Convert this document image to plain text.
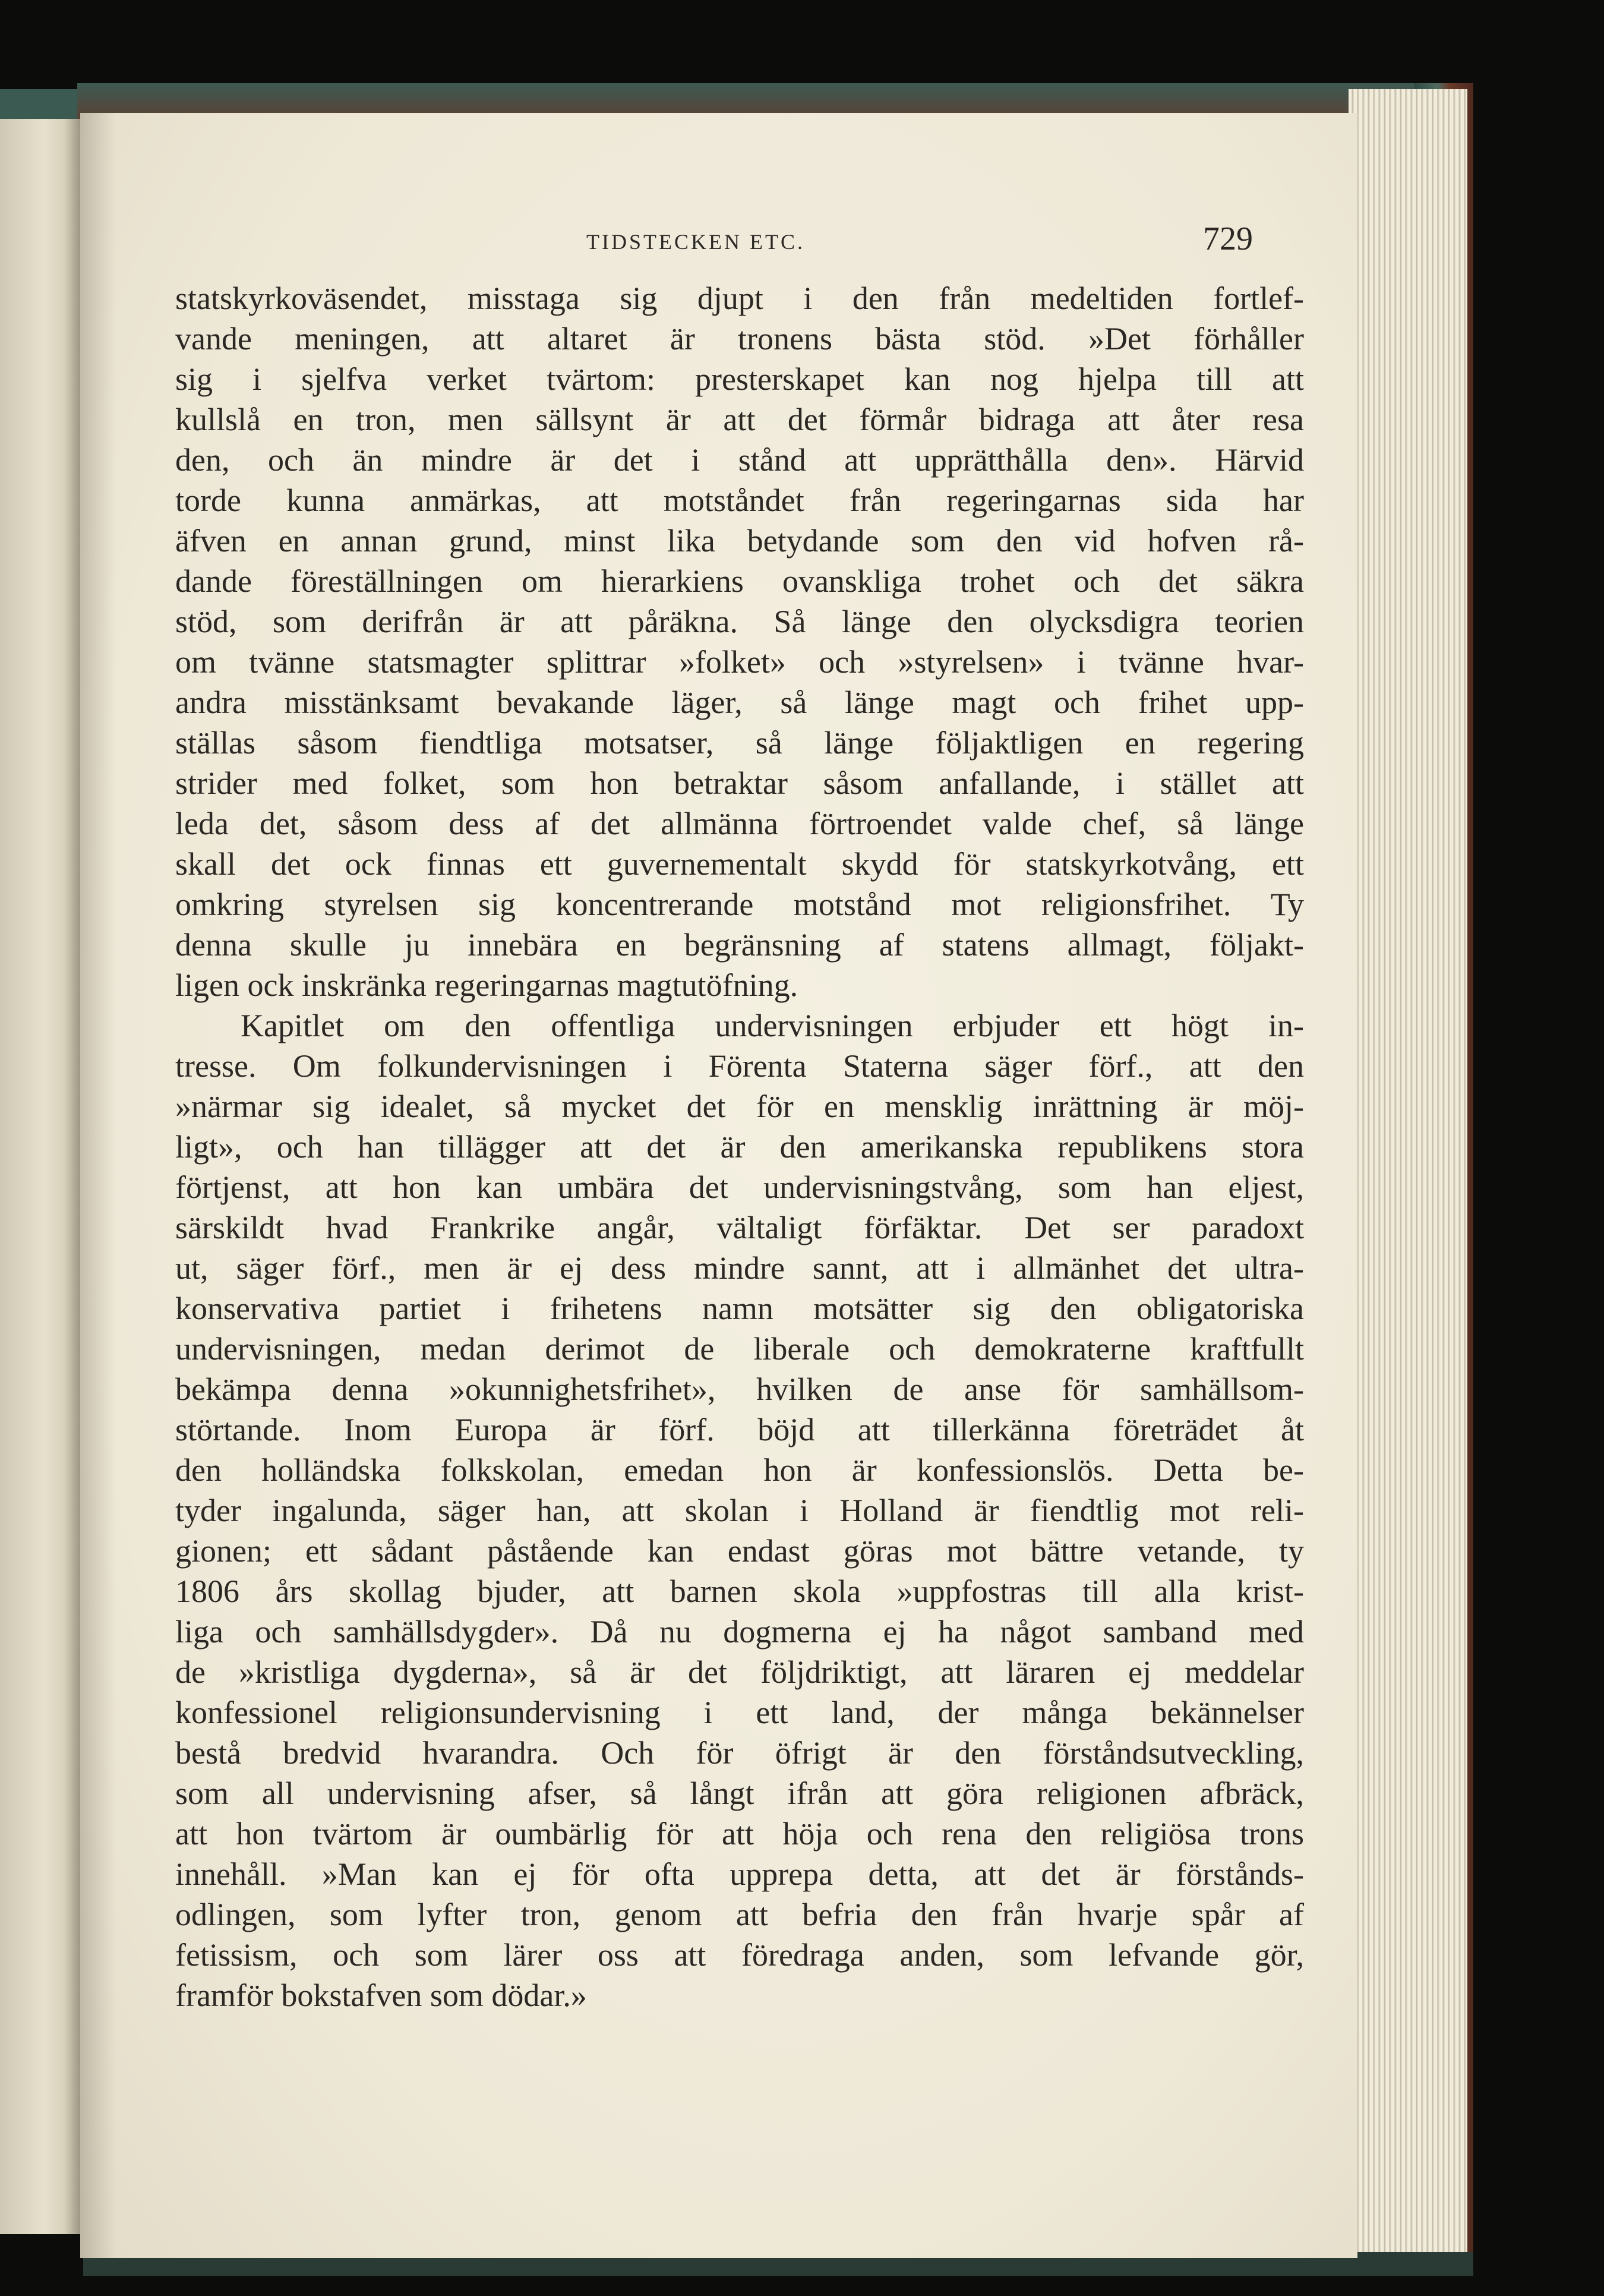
TIDSTECKEN ETC.	729
statskyrkoväsendet, misstaga sig djupt i den från medeltiden fortlef-
vande meningen, att altaret är tronens bästa stöd. »Det förhåller
sig i sjelfva verket tvärtom: presterskapet kan nog hjelpa till att
kullslå en tron, men sällsynt är att det förmår bidraga att åter resa
den, och än mindre är det i stånd att upprätthålla den». Härvid
torde kunna anmärkas, att motståndet från regeringarnas sida har
äfven en annan grund, minst lika betydande som den vid hofven rå-
dande föreställningen om hierarkiens ovanskliga trohet och det säkra
stöd, som derifrån är att påräkna. Så länge den olycksdigra teorien
om tvänne statsmagter splittrar »folket» och »styrelsen» i tvänne hvar-
andra misstänksamt bevakande läger, så länge magt och frihet upp-
ställas såsom fiendtliga motsatser, så länge följaktligen en regering
strider med folket, som hon betraktar såsom anfallande, i stället att
leda det, såsom dess af det allmänna förtroendet valde chef, så länge
skall det ock finnas ett guvernementalt skydd för statskyrkotvång, ett
omkring styrelsen sig koncentrerande motstånd mot religionsfrihet. Ty
denna skulle ju innebära en begränsning af statens allmagt, följakt-
ligen ock inskränka regeringarnas magtutöfning.
Kapitlet om den offentliga undervisningen erbjuder ett högt in-
tresse. Om folkundervisningen i Förenta Staterna säger förf., att den
»närmar sig idealet, så mycket det för en mensklig inrättning är möj-
ligt», och han tillägger att det är den amerikanska republikens stora
förtjenst, att hon kan umbära det undervisningstvång, som han eljest,
särskildt hvad Frankrike angår, vältaligt förfäktar. Det ser paradoxt
ut, säger förf., men är ej dess mindre sannt, att i allmänhet det ultra-
konservativa partiet i frihetens namn motsätter sig den obligatoriska
undervisningen, medan derimot de liberale och demokraterne kraftfullt
bekämpa denna »okunnighetsfrihet», hvilken de anse för samhällsom-
störtande. Inom Europa är förf. böjd att tillerkänna företrädet åt
den holländska folkskolan, emedan hon är konfessionslös. Detta be-
tyder ingalunda, säger han, att skolan i Holland är fiendtlig mot reli-
gionen; ett sådant påstående kan endast göras mot bättre vetande, ty
1806 års skollag bjuder, att barnen skola »uppfostras till alla krist-
liga och samhällsdygder». Då nu dogmerna ej ha något samband med
de »kristliga dygderna», så är det följdriktigt, att läraren ej meddelar
konfessionel religionsundervisning i ett land, der många bekännelser
bestå bredvid hvarandra. Och för öfrigt är den förståndsutveckling,
som all undervisning afser, så långt ifrån att göra religionen afbräck,
att hon tvärtom är oumbärlig för att höja och rena den religiösa trons
innehåll. »Man kan ej för ofta upprepa detta, att det är förstånds-
odlingen, som lyfter tron, genom att befria den från hvarje spår af
fetissism, och som lärer oss att föredraga anden, som lefvande gör,
framför bokstafven som dödar.»
